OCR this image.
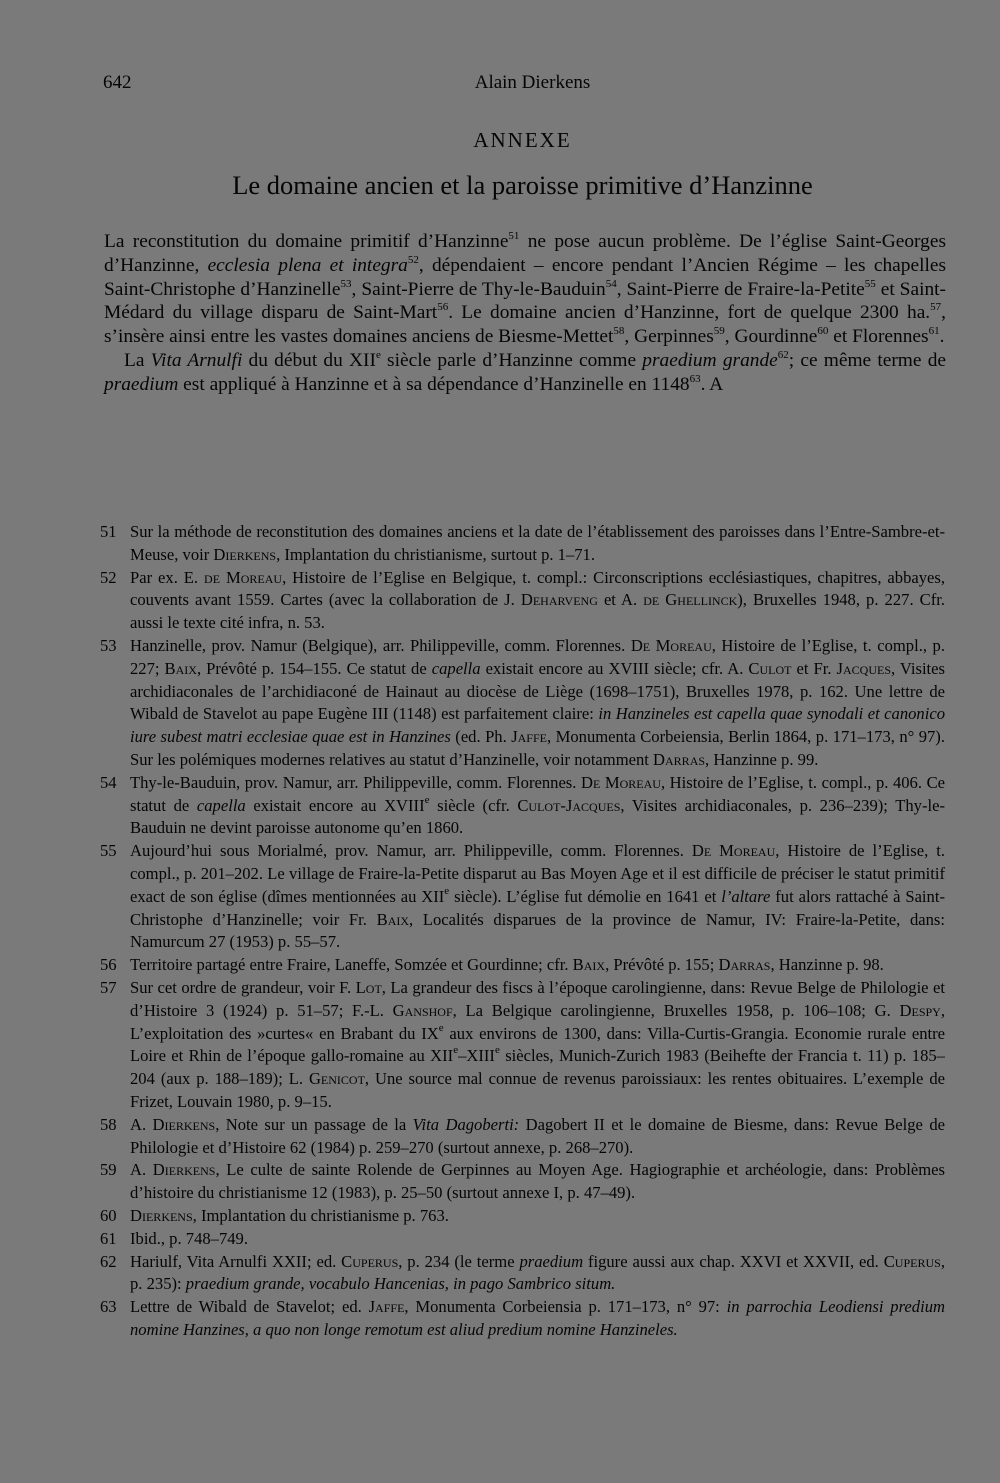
642	Alain Dierkens
ANNEXE
Le domaine ancien et la paroisse primitive d’Hanzinne

La reconstitution du domaine primitif d’Hanzinne$^{51}$ ne pose aucun problème. De l’église Saint-Georges d’Hanzinne, ecclesia plena et integra$^{52}$, dépendaient – encore pendant l’Ancien Régime – les chapelles Saint-Christophe d’Hanzinelle$^{53}$, Saint-Pierre de Thy-le-Bauduin$^{54}$, Saint-Pierre de Fraire-la-Petite$^{55}$ et Saint-Médard du village disparu de Saint-Mart$^{56}$. Le domaine ancien d’Hanzinne, fort de quelque 2300 ha.$^{57}$, s’insère ainsi entre les vastes domaines anciens de Biesme-Mettet$^{58}$, Gerpinnes$^{59}$, Gourdinne$^{60}$ et Florennes$^{61}$.

La Vita Arnulfi du début du XIIe siècle parle d’Hanzinne comme praedium grande$^{62}$; ce même terme de praedium est appliqué à Hanzinne et à sa dépendance d’Hanzinelle en 1148$^{63}$. A

51 Sur la méthode de reconstitution des domaines anciens et la date de l’établissement des paroisses dans l’Entre-Sambre-et-Meuse, voir Dierkens, Implantation du christianisme, surtout p. 1–71.
52 Par ex. E. de Moreau, Histoire de l’Eglise en Belgique, t. compl.: Circonscriptions ecclésiastiques, chapitres, abbayes, couvents avant 1559. Cartes (avec la collaboration de J. Deharveng et A. de Ghellinck), Bruxelles 1948, p. 227. Cfr. aussi le texte cité infra, n. 53.
53 Hanzinelle, prov. Namur (Belgique), arr. Philippeville, comm. Florennes. De Moreau, Histoire de l’Eglise, t. compl., p. 227; Baix, Prévôté p. 154–155. Ce statut de capella existait encore au XVIII siècle; cfr. A. Culot et Fr. Jacques, Visites archidiaconales de l’archidiaconé de Hainaut au diocèse de Liège (1698–1751), Bruxelles 1978, p. 162. Une lettre de Wibald de Stavelot au pape Eugène III (1148) est parfaitement claire: in Hanzineles est capella quae synodali et canonico iure subest matri ecclesiae quae est in Hanzines (ed. Ph. Jaffe, Monumenta Corbeiensia, Berlin 1864, p. 171–173, n° 97). Sur les polémiques modernes relatives au statut d’Hanzinelle, voir notamment Darras, Hanzinne p. 99.
54 Thy-le-Bauduin, prov. Namur, arr. Philippeville, comm. Florennes. De Moreau, Histoire de l’Eglise, t. compl., p. 406. Ce statut de capella existait encore au XVIIIe siècle (cfr. Culot-Jacques, Visites archidiaconales, p. 236–239); Thy-le-Bauduin ne devint paroisse autonome qu’en 1860.
55 Aujourd’hui sous Morialmé, prov. Namur, arr. Philippeville, comm. Florennes. De Moreau, Histoire de l’Eglise, t. compl., p. 201–202. Le village de Fraire-la-Petite disparut au Bas Moyen Age et il est difficile de préciser le statut primitif exact de son église (dîmes mentionnées au XIIe siècle). L’église fut démolie en 1641 et l’altare fut alors rattaché à Saint-Christophe d’Hanzinelle; voir Fr. Baix, Localités disparues de la province de Namur, IV: Fraire-la-Petite, dans: Namurcum 27 (1953) p. 55–57.
56 Territoire partagé entre Fraire, Laneffe, Somzée et Gourdinne; cfr. Baix, Prévôté p. 155; Darras, Hanzinne p. 98.
57 Sur cet ordre de grandeur, voir F. Lot, La grandeur des fiscs à l’époque carolingienne, dans: Revue Belge de Philologie et d’Histoire 3 (1924) p. 51–57; F.-L. Ganshof, La Belgique carolingienne, Bruxelles 1958, p. 106–108; G. Despy, L’exploitation des »curtes« en Brabant du IXe aux environs de 1300, dans: Villa-Curtis-Grangia. Economie rurale entre Loire et Rhin de l’époque gallo-romaine au XIIe–XIIIe siècles, Munich-Zurich 1983 (Beihefte der Francia t. 11) p. 185–204 (aux p. 188–189); L. Genicot, Une source mal connue de revenus paroissiaux: les rentes obituaires. L’exemple de Frizet, Louvain 1980, p. 9–15.
58 A. Dierkens, Note sur un passage de la Vita Dagoberti: Dagobert II et le domaine de Biesme, dans: Revue Belge de Philologie et d’Histoire 62 (1984) p. 259–270 (surtout annexe, p. 268–270).
59 A. Dierkens, Le culte de sainte Rolende de Gerpinnes au Moyen Age. Hagiographie et archéologie, dans: Problèmes d’histoire du christianisme 12 (1983), p. 25–50 (surtout annexe I, p. 47–49).
60 Dierkens, Implantation du christianisme p. 763.
61 Ibid., p. 748–749.
62 Hariulf, Vita Arnulfi XXII; ed. Cuperus, p. 234 (le terme praedium figure aussi aux chap. XXVI et XXVII, ed. Cuperus, p. 235): praedium grande, vocabulo Hancenias, in pago Sambrico situm.
63 Lettre de Wibald de Stavelot; ed. Jaffe, Monumenta Corbeiensia p. 171–173, n° 97: in parrochia Leodiensi predium nomine Hanzines, a quo non longe remotum est aliud predium nomine Hanzineles.
